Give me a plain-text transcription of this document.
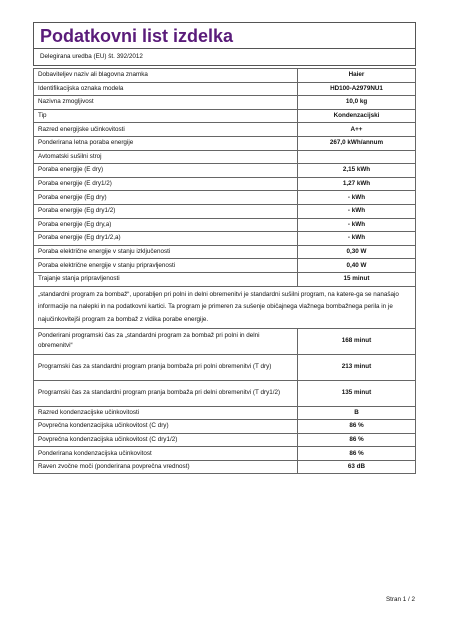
Podatkovni list izdelka
Delegirana uredba (EU) št. 392/2012
Dobavitelјev naziv ali blagovna znamka	Haier
Identifikacijska oznaka modela	HD100-A2979NU1
Nazivna zmogljivost	10,0 kg
Tip	Kondenzacijski
Razred energijske učinkovitosti	A++
Ponderirana letna poraba energije	267,0 kWh/annum
Avtomatski sušilni stroj	
Poraba energije (E dry)	2,15 kWh
Poraba energije (E dry1/2)	1,27 kWh
Poraba energije (Eg dry)	- kWh
Poraba energije (Eg dry1/2)	- kWh
Poraba energije (Eg dry,a)	- kWh
Poraba energije (Eg dry1/2,a)	- kWh
Poraba električne energije v stanju izključenosti	0,30 W
Poraba električne energije v stanju pripravljenosti	0,40 W
Trajanje stanja pripravljenosti	15 minut
„standardni program za bombaž“, uporabljen pri polni in delni obremenitvi je standardni sušilni program, na katere-ga se nanašajo informacije na nalepki in na podatkovni kartici. Ta program je primeren za sušenje običajnega vlažnega bombažnega perila in je najučinkovitejši program za bombaž z vidika porabe energije.	
Ponderirani programski čas za „standardni program za bombaž pri polni in delni obremenitvi“	168 minut
Programski čas za standardni program pranja bombaža pri polni obremenitvi (T dry)	213 minut
Programski čas za standardni program pranja bombaža pri delni obremenitvi (T dry1/2)	135 minut
Razred kondenzacijske učinkovitosti	B
Povprečna kondenzacijska učinkovitost (C dry)	86 %
Povprečna kondenzacijska učinkovitost (C dry1/2)	86 %
Ponderirana kondenzacijska učinkovitost	86 %
Raven zvočne moči (ponderirana povprečna vrednost)	63 dB
Stran 1 / 2
